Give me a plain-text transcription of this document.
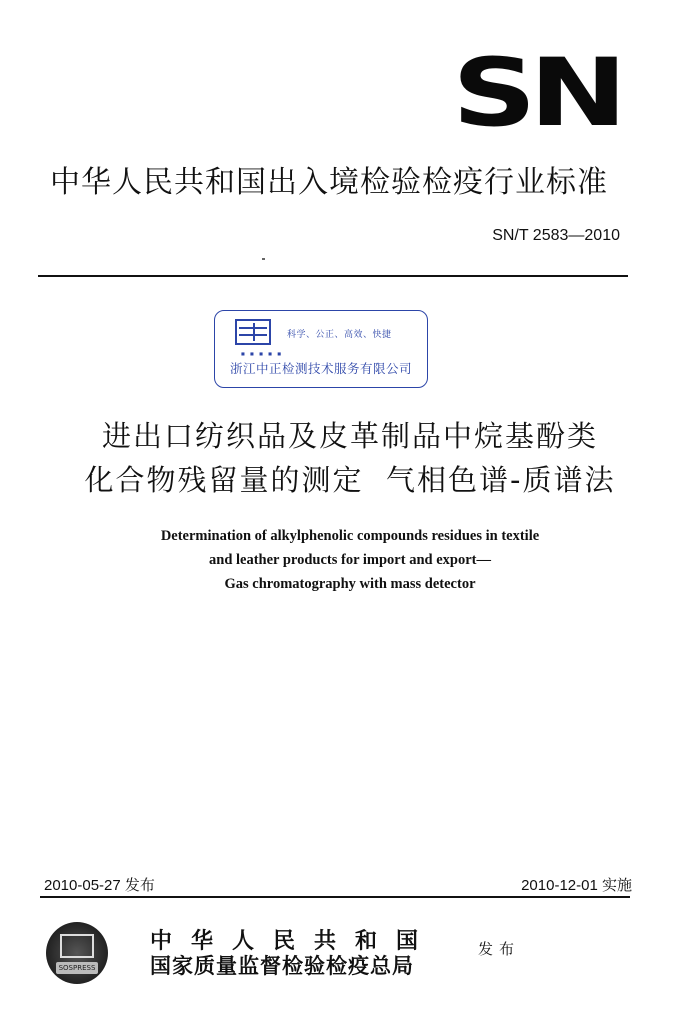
SN
中华人民共和国出入境检验检疫行业标准
SN/T 2583—2010
科学、公正、高效、快捷
■ ■ ■ ■ ■
浙江中正检测技术服务有限公司
进出口纺织品及皮革制品中烷基酚类
化合物残留量的测定  气相色谱-质谱法
Determination of alkylphenolic compounds residues in textile
and leather products for import and export—
Gas chromatography with mass detector
2010-05-27 发布	2010-12-01 实施
SOSPRESS
中华人民共和国
国家质量监督检验检疫总局
发布
